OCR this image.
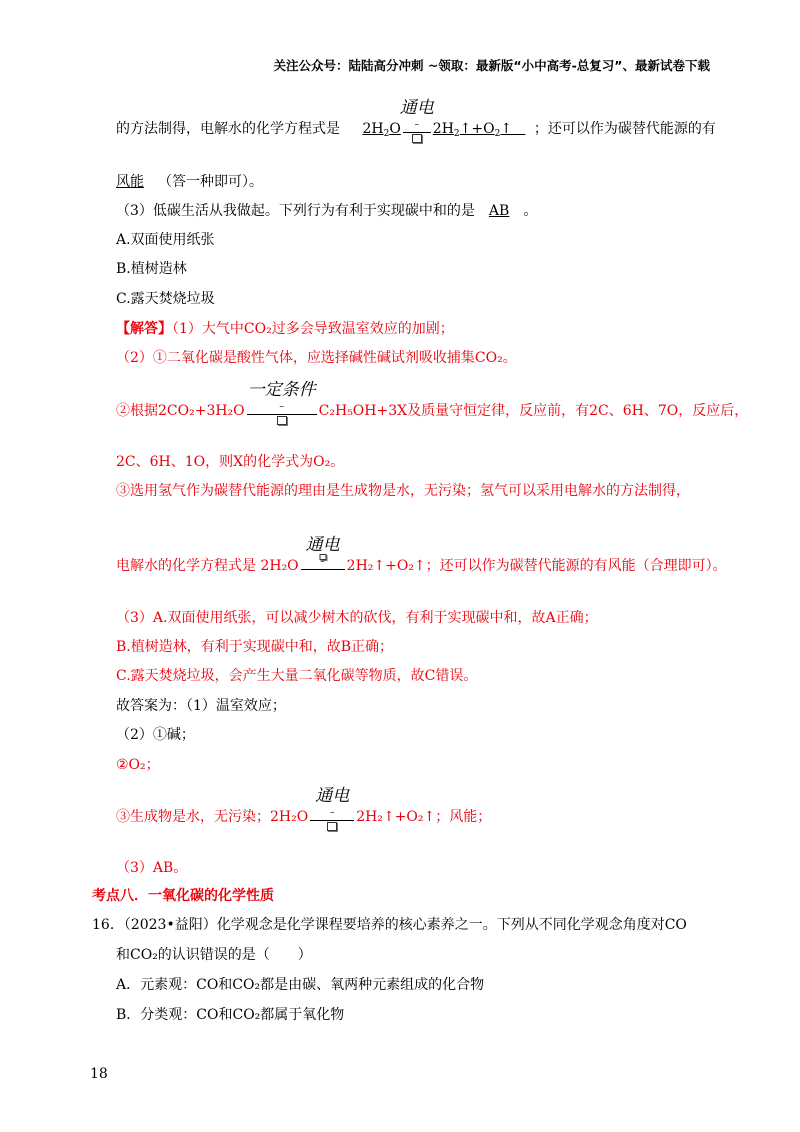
关注公众号：陆陆高分冲刺 ~领取：最新版“小中高考-总复习”、最新试卷下载
的方法制得，电解水的化学方程式是 $2H_2O$
通电
– $2H_2↑+O_2↑$    ；还可以作为碳替代能源的有
风能 （答一种即可）。
（3）低碳生活从我做起。下列行为有利于实现碳中和的是 AB 。
A.双面使用纸张
B.植树造林
C.露天焚烧垃圾
【解答】（1）大气中CO₂过多会导致温室效应的加剧；
（2）①二氧化碳是酸性气体，应选择碱性碱试剂吸收捕集CO₂。
②根据2CO₂+3H₂O
一定条件
– C₂H₅OH+3X及质量守恒定律，反应前，有2C、6H、7O，反应后，
2C、6H、1O，则X的化学式为O₂。
③选用氢气作为碳替代能源的理由是生成物是水，无污染；氢气可以采用电解水的方法制得，
电解水的化学方程式是 2H₂O
通电
– 2H₂↑+O₂↑；还可以作为碳替代能源的有风能（合理即可）。
（3）A.双面使用纸张，可以减少树木的砍伐，有利于实现碳中和，故A正确；
B.植树造林，有利于实现碳中和，故B正确；
C.露天焚烧垃圾，会产生大量二氧化碳等物质，故C错误。
故答案为：（1）温室效应；
（2）①碱；
②O₂；
③生成物是水，无污染；2H₂O
通电
– 2H₂↑+O₂↑；风能；
（3）AB。
考点八．一氧化碳的化学性质
16．（2023•益阳）化学观念是化学课程要培养的核心素养之一。下列从不同化学观念角度对CO
和CO₂的认识错误的是（　　）
A．元素观：CO和CO₂都是由碳、氧两种元素组成的化合物
B．分类观：CO和CO₂都属于氧化物
18
